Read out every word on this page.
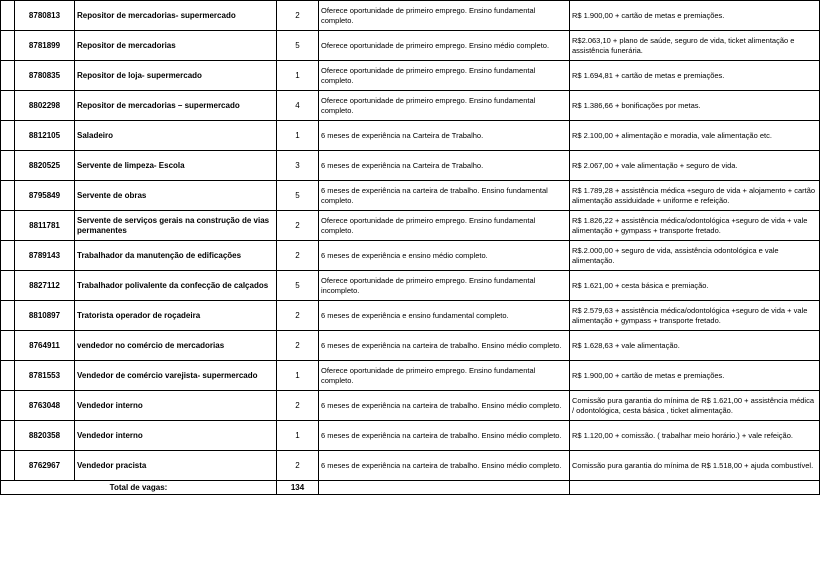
	8780813	Repositor de mercadorias- supermercado	2	Oferece oportunidade de primeiro emprego. Ensino fundamental completo.	R$ 1.900,00 + cartão de metas e premiações.
	8781899	Repositor de mercadorias	5	Oferece oportunidade de primeiro emprego. Ensino médio completo.	R$2.063,10 + plano de saúde, seguro de vida, ticket alimentação e assistência funerária.
	8780835	Repositor de loja- supermercado	1	Oferece oportunidade de primeiro emprego. Ensino fundamental completo.	R$ 1.694,81 + cartão de metas e premiações.
	8802298	Repositor de mercadorias – supermercado	4	Oferece oportunidade de primeiro emprego. Ensino fundamental completo.	R$ 1.386,66 + bonificações por metas.
	8812105	Saladeiro	1	6 meses de experiência na Carteira de Trabalho.	R$ 2.100,00 + alimentação e moradia, vale alimentação etc.
	8820525	Servente de limpeza- Escola	3	6 meses de experiência na Carteira de Trabalho.	R$ 2.067,00 + vale alimentação + seguro de vida.
	8795849	Servente de obras	5	6 meses de experiência na carteira de trabalho. Ensino fundamental completo.	R$ 1.789,28 + assistência médica +seguro de vida + alojamento + cartão alimentação assiduidade + uniforme e refeição.
	8811781	Servente de serviços gerais na construção de vias permanentes	2	Oferece oportunidade de primeiro emprego. Ensino fundamental completo.	R$ 1.826,22 + assistência médica/odontológica +seguro de vida + vale alimentação + gympass + transporte fretado.
	8789143	Trabalhador da manutenção de edificações	2	6 meses de experiência e ensino médio completo.	R$.2.000,00 + seguro de vida, assistência odontológica e vale alimentação.
	8827112	Trabalhador polivalente da confecção de calçados	5	Oferece oportunidade de primeiro emprego. Ensino fundamental incompleto.	R$ 1.621,00 + cesta básica e premiação.
	8810897	Tratorista operador de roçadeira	2	6 meses de experiência e ensino fundamental completo.	R$ 2.579,63 + assistência médica/odontológica +seguro de vida + vale alimentação + gympass + transporte fretado.
	8764911	vendedor no comércio de mercadorias	2	6 meses de experiência na carteira de trabalho. Ensino médio completo.	R$ 1.628,63 + vale alimentação.
	8781553	Vendedor de comércio varejista- supermercado	1	Oferece oportunidade de primeiro emprego. Ensino fundamental completo.	R$ 1.900,00 + cartão de metas e premiações.
	8763048	Vendedor interno	2	6 meses de experiência na carteira de trabalho. Ensino médio completo.	Comissão pura garantia do mínima de R$ 1.621,00 + assistência médica / odontológica, cesta básica , ticket alimentação.
	8820358	Vendedor interno	1	6 meses de experiência na carteira de trabalho. Ensino médio completo.	R$ 1.120,00 + comissão. ( trabalhar meio horário.) + vale refeição.
	8762967	Vendedor pracista	2	6 meses de experiência na carteira de trabalho. Ensino médio completo.	Comissão pura garantia do mínima de R$ 1.518,00 + ajuda combustível.
Total de vagas:			134		
